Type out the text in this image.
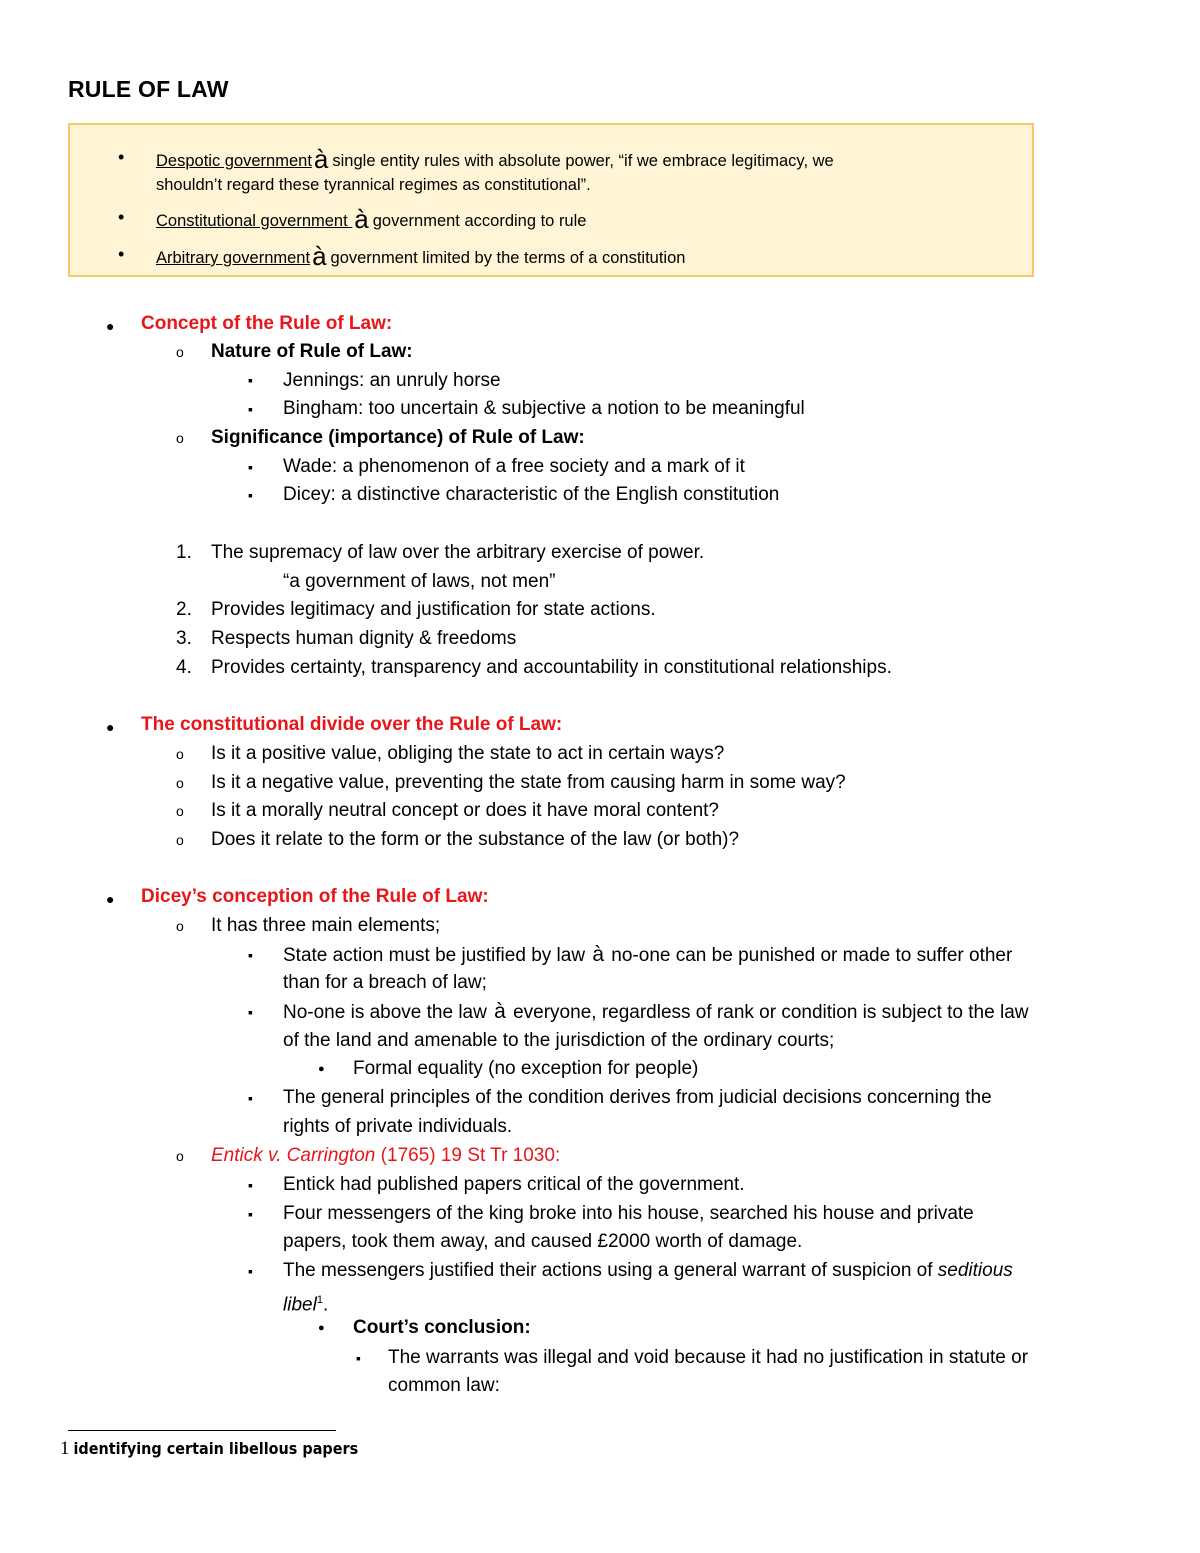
RULE OF LAW
• Despotic governmentà single entity rules with absolute power, “if we embrace legitimacy, we
shouldn’t regard these tyrannical regimes as constitutional”.
• Constitutional government à government according to rule
• Arbitrary governmentà government limited by the terms of a constitution
● Concept of the Rule of Law:
o Nature of Rule of Law:
▪ Jennings: an unruly horse
▪ Bingham: too uncertain & subjective a notion to be meaningful
o Significance (importance) of Rule of Law:
▪ Wade: a phenomenon of a free society and a mark of it
▪ Dicey: a distinctive characteristic of the English constitution
1. The supremacy of law over the arbitrary exercise of power.
“a government of laws, not men”
2. Provides legitimacy and justification for state actions.
3. Respects human dignity & freedoms
4. Provides certainty, transparency and accountability in constitutional relationships.
● The constitutional divide over the Rule of Law:
o Is it a positive value, obliging the state to act in certain ways?
o Is it a negative value, preventing the state from causing harm in some way?
o Is it a morally neutral concept or does it have moral content?
o Does it relate to the form or the substance of the law (or both)?
● Dicey’s conception of the Rule of Law:
o It has three main elements;
▪ State action must be justified by law à no-one can be punished or made to suffer other
than for a breach of law;
▪ No-one is above the law à everyone, regardless of rank or condition is subject to the law
of the land and amenable to the jurisdiction of the ordinary courts;
● Formal equality (no exception for people)
▪ The general principles of the condition derives from judicial decisions concerning the
rights of private individuals.
o Entick v. Carrington (1765) 19 St Tr 1030:
▪ Entick had published papers critical of the government.
▪ Four messengers of the king broke into his house, searched his house and private
papers, took them away, and caused £2000 worth of damage.
▪ The messengers justified their actions using a general warrant of suspicion of seditious
libel$^1$.
● Court’s conclusion:
▪ The warrants was illegal and void because it had no justification in statute or
common law:
1 identifying certain libellous papers
